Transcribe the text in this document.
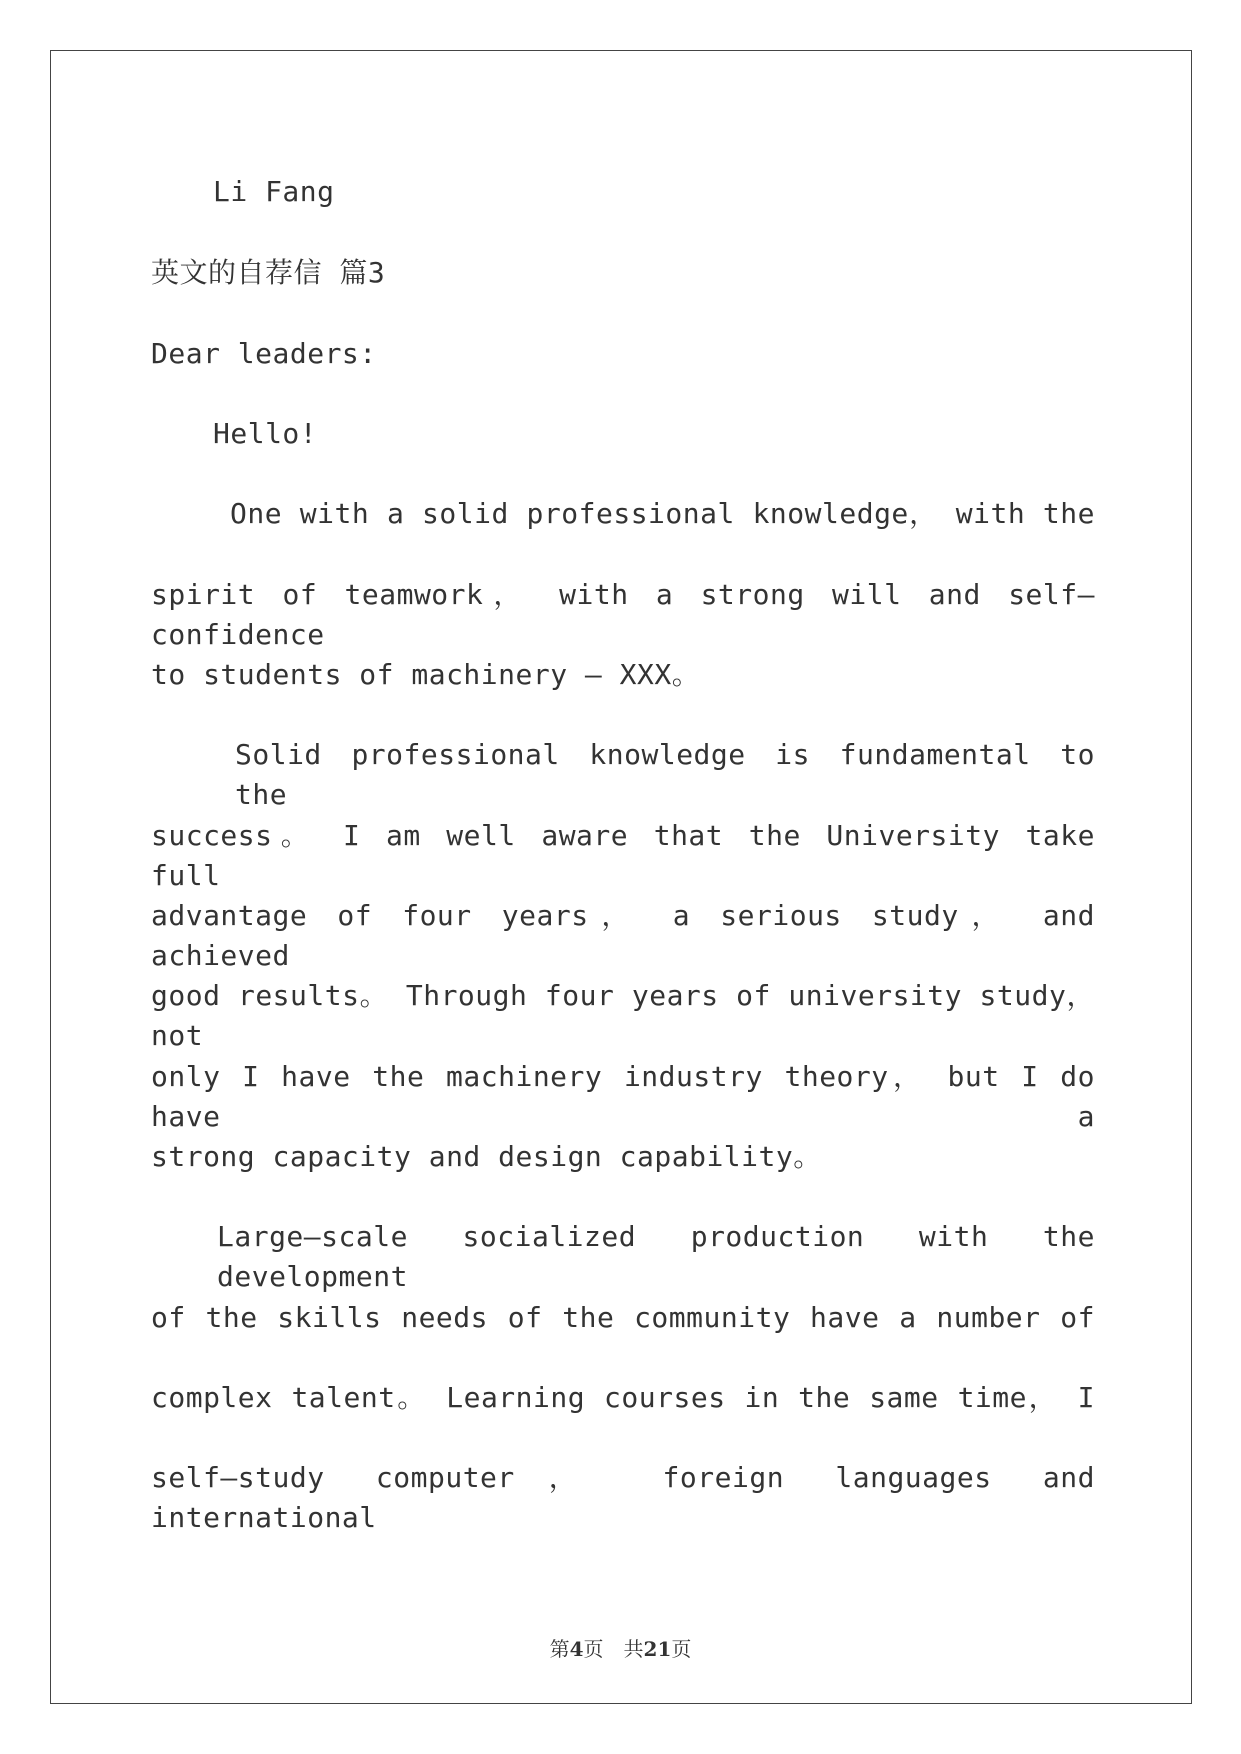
Li Fang
英文的自荐信 篇3
Dear leaders:
Hello!
One with a solid professional knowledge， with the
spirit of teamwork， with a strong will and self—confidence
to students of machinery — XXX。
Solid professional knowledge is fundamental to the
success。 I am well aware that the University take full
advantage of four years， a serious study， and achieved
good results。 Through four years of university study， not
only I have the machinery industry theory， but I do have a
strong capacity and design capability。
Large—scale socialized production with the development
of the skills needs of the community have a number of
complex talent。 Learning courses in the same time， I
self—study computer， foreign languages and international
第4页　共21页
